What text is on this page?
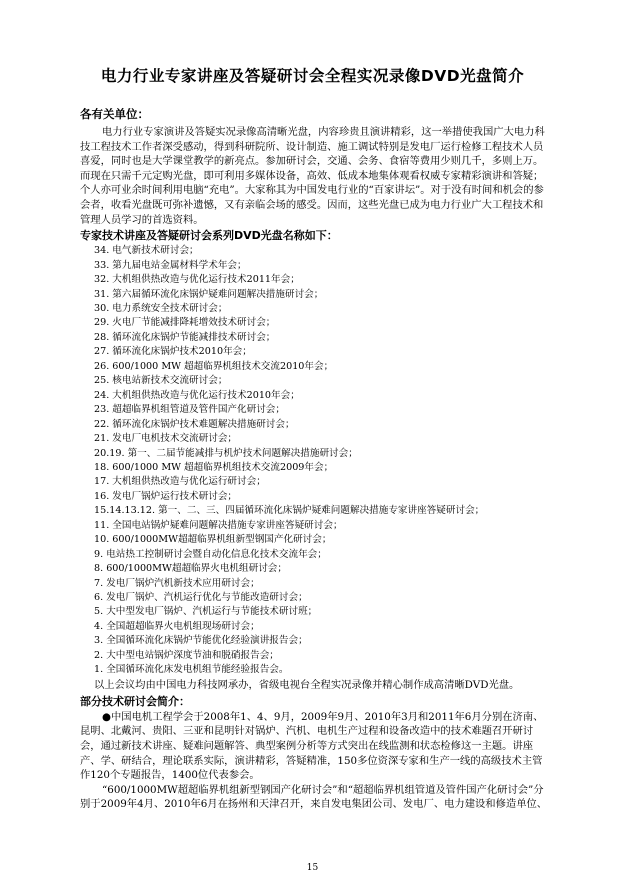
电力行业专家讲座及答疑研讨会全程实况录像DVD光盘简介

各有关单位：

电力行业专家演讲及答疑实况录像高清晰光盘，内容珍贵且演讲精彩，这一举措使我国广大电力科技工程技术工作者深受感动，得到科研院所、设计制造、施工调试特别是发电厂运行检修工程技术人员喜爱，同时也是大学课堂教学的新亮点。参加研讨会，交通、会务、食宿等费用少则几千，多则上万。而现在只需千元定购光盘，即可利用多媒体设备，高效、低成本地集体观看权威专家精彩演讲和答疑；个人亦可业余时间利用电脑“充电”。大家称其为中国发电行业的“百家讲坛”。对于没有时间和机会的参会者，收看光盘既可弥补遗憾，又有亲临会场的感受。因而，这些光盘已成为电力行业广大工程技术和管理人员学习的首选资料。

专家技术讲座及答疑研讨会系列DVD光盘名称如下：

34. 电气新技术研讨会；
33. 第九届电站金属材料学术年会；
32. 大机组供热改造与优化运行技术2011年会；
31. 第六届循环流化床锅炉疑难问题解决措施研讨会；
30. 电力系统安全技术研讨会；
29. 火电厂节能减排降耗增效技术研讨会；
28. 循环流化床锅炉节能减排技术研讨会；
27. 循环流化床锅炉技术2010年会；
26. 600/1000 MW 超超临界机组技术交流2010年会；
25. 核电站新技术交流研讨会；
24. 大机组供热改造与优化运行技术2010年会；
23. 超超临界机组管道及管件国产化研讨会；
22. 循环流化床锅炉技术难题解决措施研讨会；
21. 发电厂电机技术交流研讨会；
20.19. 第一、二届节能减排与机炉技术问题解决措施研讨会；
18. 600/1000 MW 超超临界机组技术交流2009年会；
17. 大机组供热改造与优化运行研讨会；
16. 发电厂锅炉运行技术研讨会；
15.14.13.12. 第一、二、三、四届循环流化床锅炉疑难问题解决措施专家讲座答疑研讨会；
11. 全国电站锅炉疑难问题解决措施专家讲座答疑研讨会；
10. 600/1000MW超超临界机组新型钢国产化研讨会；
9. 电站热工控制研讨会暨自动化信息化技术交流年会；
8. 600/1000MW超超临界火电机组研讨会；
7. 发电厂锅炉汽机新技术应用研讨会；
6. 发电厂锅炉、汽机运行优化与节能改造研讨会；
5. 大中型发电厂锅炉、汽机运行与节能技术研讨班；
4. 全国超超临界火电机组现场研讨会；
3. 全国循环流化床锅炉节能优化经验演讲报告会；
2. 大中型电站锅炉深度节油和脱硝报告会；
1. 全国循环流化床发电机组节能经验报告会。

以上会议均由中国电力科技网承办，省级电视台全程实况录像并精心制作成高清晰DVD光盘。

部分技术研讨会简介：

●中国电机工程学会于2008年1、4、9月，2009年9月、2010年3月和2011年6月分别在济南、昆明、北戴河、贵阳、三亚和昆明针对锅炉、汽机、电机生产过程和设备改造中的技术难题召开研讨会，通过新技术讲座、疑难问题解答、典型案例分析等方式突出在线监测和状态检修这一主题。讲座产、学、研结合，理论联系实际，演讲精彩，答疑精准，150多位资深专家和生产一线的高级技术主管作120个专题报告，1400位代表参会。

“600/1000MW超超临界机组新型钢国产化研讨会”和“超超临界机组管道及管件国产化研讨会”分别于2009年4月、2010年6月在扬州和天津召开，来自发电集团公司、发电厂、电力建设和修造单位、

15
